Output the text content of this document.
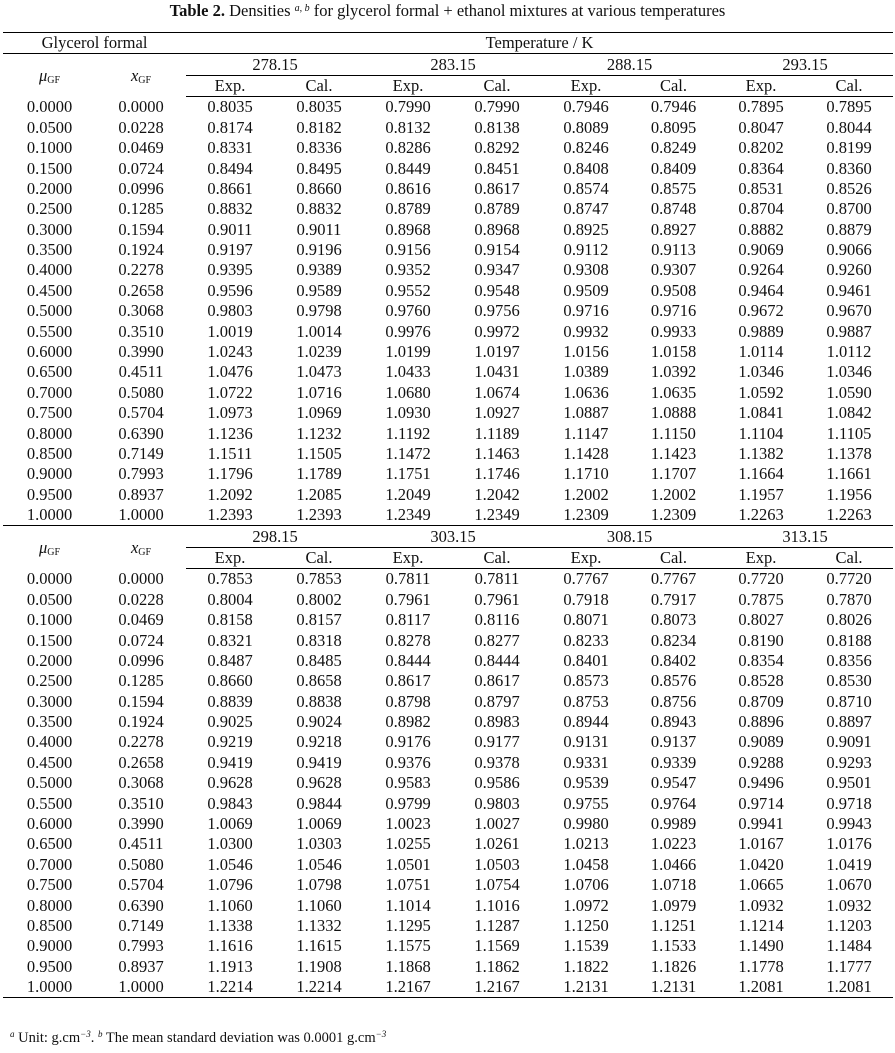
Table 2. Densities $^{a, b}$ for glycerol formal + ethanol mixtures at various temperatures
Glycerol formal		Temperature / K							
$\mu_{GF}$	$x_{GF}$	278.15		283.15		288.15		293.15	
		Exp.	Cal.	Exp.	Cal.	Exp.	Cal.	Exp.	Cal.
0.0000	0.0000	0.8035	0.8035	0.7990	0.7990	0.7946	0.7946	0.7895	0.7895
0.0500	0.0228	0.8174	0.8182	0.8132	0.8138	0.8089	0.8095	0.8047	0.8044
0.1000	0.0469	0.8331	0.8336	0.8286	0.8292	0.8246	0.8249	0.8202	0.8199
0.1500	0.0724	0.8494	0.8495	0.8449	0.8451	0.8408	0.8409	0.8364	0.8360
0.2000	0.0996	0.8661	0.8660	0.8616	0.8617	0.8574	0.8575	0.8531	0.8526
0.2500	0.1285	0.8832	0.8832	0.8789	0.8789	0.8747	0.8748	0.8704	0.8700
0.3000	0.1594	0.9011	0.9011	0.8968	0.8968	0.8925	0.8927	0.8882	0.8879
0.3500	0.1924	0.9197	0.9196	0.9156	0.9154	0.9112	0.9113	0.9069	0.9066
0.4000	0.2278	0.9395	0.9389	0.9352	0.9347	0.9308	0.9307	0.9264	0.9260
0.4500	0.2658	0.9596	0.9589	0.9552	0.9548	0.9509	0.9508	0.9464	0.9461
0.5000	0.3068	0.9803	0.9798	0.9760	0.9756	0.9716	0.9716	0.9672	0.9670
0.5500	0.3510	1.0019	1.0014	0.9976	0.9972	0.9932	0.9933	0.9889	0.9887
0.6000	0.3990	1.0243	1.0239	1.0199	1.0197	1.0156	1.0158	1.0114	1.0112
0.6500	0.4511	1.0476	1.0473	1.0433	1.0431	1.0389	1.0392	1.0346	1.0346
0.7000	0.5080	1.0722	1.0716	1.0680	1.0674	1.0636	1.0635	1.0592	1.0590
0.7500	0.5704	1.0973	1.0969	1.0930	1.0927	1.0887	1.0888	1.0841	1.0842
0.8000	0.6390	1.1236	1.1232	1.1192	1.1189	1.1147	1.1150	1.1104	1.1105
0.8500	0.7149	1.1511	1.1505	1.1472	1.1463	1.1428	1.1423	1.1382	1.1378
0.9000	0.7993	1.1796	1.1789	1.1751	1.1746	1.1710	1.1707	1.1664	1.1661
0.9500	0.8937	1.2092	1.2085	1.2049	1.2042	1.2002	1.2002	1.1957	1.1956
1.0000	1.0000	1.2393	1.2393	1.2349	1.2349	1.2309	1.2309	1.2263	1.2263
$\mu_{GF}$	$x_{GF}$	298.15		303.15		308.15		313.15	
		Exp.	Cal.	Exp.	Cal.	Exp.	Cal.	Exp.	Cal.
0.0000	0.0000	0.7853	0.7853	0.7811	0.7811	0.7767	0.7767	0.7720	0.7720
0.0500	0.0228	0.8004	0.8002	0.7961	0.7961	0.7918	0.7917	0.7875	0.7870
0.1000	0.0469	0.8158	0.8157	0.8117	0.8116	0.8071	0.8073	0.8027	0.8026
0.1500	0.0724	0.8321	0.8318	0.8278	0.8277	0.8233	0.8234	0.8190	0.8188
0.2000	0.0996	0.8487	0.8485	0.8444	0.8444	0.8401	0.8402	0.8354	0.8356
0.2500	0.1285	0.8660	0.8658	0.8617	0.8617	0.8573	0.8576	0.8528	0.8530
0.3000	0.1594	0.8839	0.8838	0.8798	0.8797	0.8753	0.8756	0.8709	0.8710
0.3500	0.1924	0.9025	0.9024	0.8982	0.8983	0.8944	0.8943	0.8896	0.8897
0.4000	0.2278	0.9219	0.9218	0.9176	0.9177	0.9131	0.9137	0.9089	0.9091
0.4500	0.2658	0.9419	0.9419	0.9376	0.9378	0.9331	0.9339	0.9288	0.9293
0.5000	0.3068	0.9628	0.9628	0.9583	0.9586	0.9539	0.9547	0.9496	0.9501
0.5500	0.3510	0.9843	0.9844	0.9799	0.9803	0.9755	0.9764	0.9714	0.9718
0.6000	0.3990	1.0069	1.0069	1.0023	1.0027	0.9980	0.9989	0.9941	0.9943
0.6500	0.4511	1.0300	1.0303	1.0255	1.0261	1.0213	1.0223	1.0167	1.0176
0.7000	0.5080	1.0546	1.0546	1.0501	1.0503	1.0458	1.0466	1.0420	1.0419
0.7500	0.5704	1.0796	1.0798	1.0751	1.0754	1.0706	1.0718	1.0665	1.0670
0.8000	0.6390	1.1060	1.1060	1.1014	1.1016	1.0972	1.0979	1.0932	1.0932
0.8500	0.7149	1.1338	1.1332	1.1295	1.1287	1.1250	1.1251	1.1214	1.1203
0.9000	0.7993	1.1616	1.1615	1.1575	1.1569	1.1539	1.1533	1.1490	1.1484
0.9500	0.8937	1.1913	1.1908	1.1868	1.1862	1.1822	1.1826	1.1778	1.1777
1.0000	1.0000	1.2214	1.2214	1.2167	1.2167	1.2131	1.2131	1.2081	1.2081
$^a$ Unit: $g.cm^{-3}$. $^b$ The mean standard deviation was 0.0001 $g.cm^{-3}$
